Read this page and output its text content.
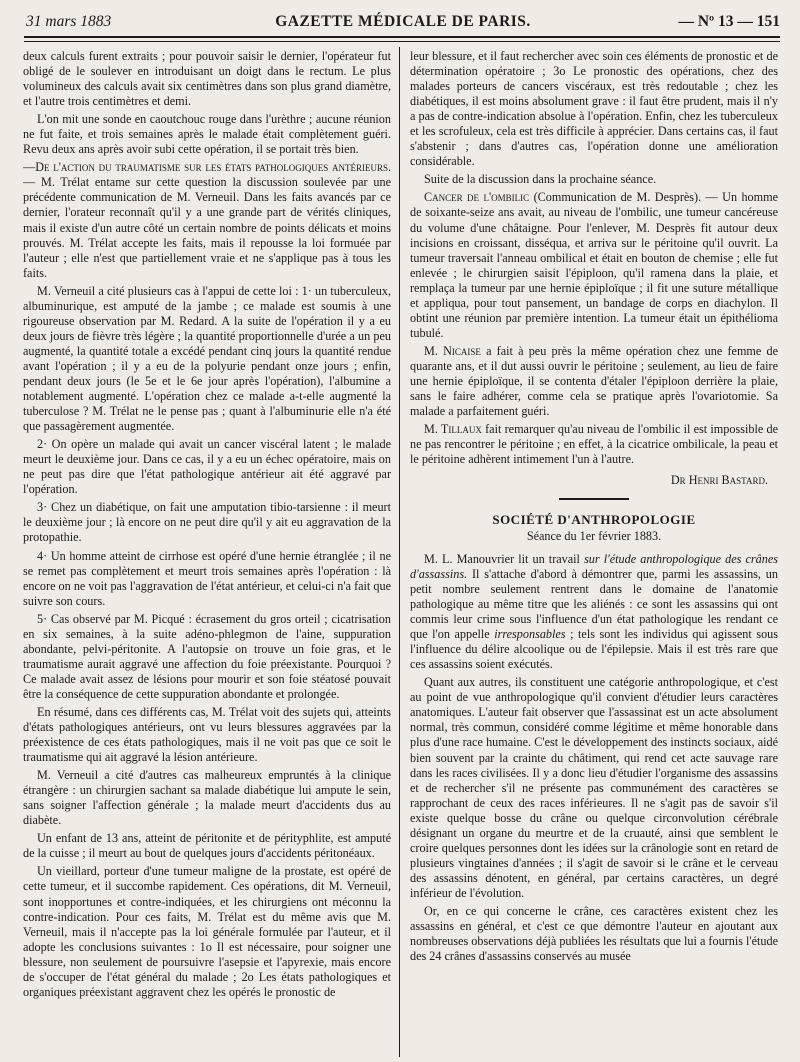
31 mars 1883	GAZETTE MÉDICALE DE PARIS.	— Nº 13 — 151

deux calculs furent extraits ; pour pouvoir saisir le dernier, l'opérateur fut obligé de le soulever en introduisant un doigt dans le rectum. Le plus volumineux des calculs avait six centimètres dans son plus grand diamètre, et l'autre trois centimètres et demi.

L'on mit une sonde en caoutchouc rouge dans l'urèthre ; aucune réunion ne fut faite, et trois semaines après le malade était complètement guéri. Revu deux ans après avoir subi cette opération, il se portait très bien.

—De l'action du traumatisme sur les états pathologiques antérieurs. — M. Trélat entame sur cette question la discussion soulevée par une précédente communication de M. Verneuil. Dans les faits avancés par ce dernier, l'orateur reconnaît qu'il y a une grande part de vérités cliniques, mais il existe d'un autre côté un certain nombre de points délicats et moins prouvés. M. Trélat accepte les faits, mais il repousse la loi formu‌ée par l'auteur ; elle n'est que partiellement vraie et ne s'applique pas à tous les faits.

M. Verneuil a cité plusieurs cas à l'appui de cette loi : 1· un tuberculeux, albuminurique, est amputé de la jambe ; ce malade est soumis à une rigoureuse observation par M. Redard. A la suite de l'opération il y a eu deux jours de fièvre très légère ; la quantité proportionnelle d'urée a un peu augmenté, la quantité totale a excédé pendant cinq jours la quantité rendue avant l'opération ; il y a eu de la polyurie pendant onze jours ; enfin, pendant deux jours (le 5e et le 6e jour après l'opération), l'albumine a notablement augmenté. L'opération chez ce malade a-t-elle augmenté la tuberculose ? M. Trélat ne le pense pas ; quant à l'albuminurie elle n'a été que passagèrement augmentée.

2· On opère un malade qui avait un cancer viscéral latent ; le malade meurt le deuxième jour. Dans ce cas, il y a eu un échec opératoire, mais on ne peut pas dire que l'état pathologique antérieur ait été aggravé par l'opération.

3· Chez un diabétique, on fait une amputation tibio-tarsienne : il meurt le deuxième jour ; là encore on ne peut dire qu'il y ait eu aggravation de la protopathie.

4· Un homme atteint de cirrhose est opéré d'une hernie étranglée ; il ne se remet pas complètement et meurt trois semaines après l'opération : là encore on ne voit pas l'aggravation de l'état antérieur, et celui-ci n'a fait que suivre son cours.

5· Cas observé par M. Picqué : écrasement du gros orteil ; cicatrisation en six semaines, à la suite adéno-phlegmon de l'aine, suppuration abondante, pelvi-péritonite. A l'autopsie on trouve un foie gras, et le traumatisme aurait aggravé une affection du foie préexistante. Pourquoi ? Ce malade avait assez de lésions pour mourir et son foie stéatosé pouvait être la conséquence de cette suppuration abondante et prolongée.

En résumé, dans ces différents cas, M. Trélat voit des sujets qui, atteints d'états pathologiques antérieurs, ont vu leurs blessures aggravées par la préexistence de ces états pathologiques, mais il ne voit pas que ce soit le traumatisme qui ait aggravé la lésion antérieure.

M. Verneuil a cité d'autres cas malheureux empruntés à la clinique étrangère : un chirurgien sachant sa malade diabétique lui ampute le sein, sans soigner l'affection générale ; la malade meurt d'accidents dus au diabète.

Un enfant de 13 ans, atteint de péritonite et de pérityphlite, est amputé de la cuisse ; il meurt au bout de quelques jours d'accidents péritonéaux.

Un vieillard, porteur d'une tumeur maligne de la prostate, est opéré de cette tumeur, et il succombe rapidement. Ces opérations, dit M. Verneuil, sont inopportunes et contre-indiquées, et les chirurgiens ont méconnu la contre-indication. Pour ces faits, M. Trélat est du même avis que M. Verneuil, mais il n'accepte pas la loi générale formulée par l'auteur, et il adopte les conclusions suivantes : 1o Il est nécessaire, pour soigner une blessure, non seulement de poursuivre l'asepsie et l'apyrexie, mais encore de s'occuper de l'état général du malade ; 2o Les états pathologiques et organiques préexistant aggravent chez les opérés le pronostic de

leur blessure, et il faut rechercher avec soin ces éléments de pronostic et de détermination opératoire ; 3o Le pronostic des opérations, chez des malades porteurs de cancers viscéraux, est très redoutable ; chez les diabétiques, il est moins absolument grave : il faut être prudent, mais il n'y a pas de contre-indication absolue à l'opération. Enfin, chez les tuberculeux et les scrofuleux, cela est très difficile à apprécier. Dans certains cas, il faut s'abstenir ; dans d'autres cas, l'opération donne une amélioration considérable.

Suite de la discussion dans la prochaine séance.

Cancer de l'ombilic (Communication de M. Desprès). — Un homme de soixante-seize ans avait, au niveau de l'ombilic, une tumeur cancéreuse du volume d'une châtaigne. Pour l'enlever, M. Desprès fit autour deux incisions en croissant, disséqua, et arriva sur le péritoine qu'il ouvrit. La tumeur traversait l'anneau ombilical et était en bouton de chemise ; elle fut enlevée ; le chirurgien saisit l'épiploon, qu'il ramena dans la plaie, et remplaça la tumeur par une hernie épiploïque ; il fit une suture métallique et appliqua, pour tout pansement, un bandage de corps en diachylon. Il obtint une réunion par première intention. La tumeur était un épithélioma tubulé.

M. Nicaise a fait à peu près la même opération chez une femme de quarante ans, et il dut aussi ouvrir le péritoine ; seulement, au lieu de faire une hernie épiploïque, il se contenta d'étaler l'épiploon derrière la plaie, sans le faire adhérer, comme cela se pratique après l'ovariotomie. Sa malade a parfaitement guéri.

M. Tillaux fait remarquer qu'au niveau de l'ombilic il est impossible de ne pas rencontrer le péritoine ; en effet, à la cicatrice ombilicale, la peau et le péritoine adhèrent intimement l'un à l'autre.

Dr Henri Bastard.

SOCIÉTÉ D'ANTHROPOLOGIE

Séance du 1er février 1883.

M. L. Manouvrier lit un travail sur l'étude anthropologique des crânes d'assassins. Il s'attache d'abord à démontrer que, parmi les assassins, un petit nombre seulement rentrent dans le domaine de l'anatomie pathologique au même titre que les aliénés : ce sont les assassins qui ont commis leur crime sous l'influence d'un état pathologique les rendant ce que l'on appelle irresponsables ; tels sont les individus qui agissent sous l'influence du délire alcoolique ou de l'épilepsie. Mais il est très rare que ces assassins soient exécutés.

Quant aux autres, ils constituent une catégorie anthropologique, et c'est au point de vue anthropologique qu'il convient d'étudier leurs caractères anatomiques. L'auteur fait observer que l'assassinat est un acte absolument normal, très commun, considéré comme légitime et même honorable dans plus d'une race humaine. C'est le développement des instincts sociaux, aidé bien souvent par la crainte du châtiment, qui rend cet acte sauvage rare dans les races civilisées. Il y a donc lieu d'étudier l'organisme des assassins et de rechercher s'il ne présente pas communément des caractères se rapprochant de ceux des races inférieures. Il ne s'agit pas de savoir s'il existe quelque bosse du crâne ou quelque circonvolution cérébrale désignant un organe du meurtre et de la cruauté, ainsi que semblent le croire quelques personnes dont les idées sur la crânologie sont en retard de plusieurs vingtaines d'années ; il s'agit de savoir si le crâne et le cerveau des assassins dénotent, en général, par certains caractères, un degré inférieur de l'évolution.

Or, en ce qui concerne le crâne, ces caractères existent chez les assassins en général, et c'est ce que démontre l'auteur en ajoutant aux nombreuses observations déjà publiées les résultats que lui a fournis l'étude des 24 crânes d'assassins conservés au musée
